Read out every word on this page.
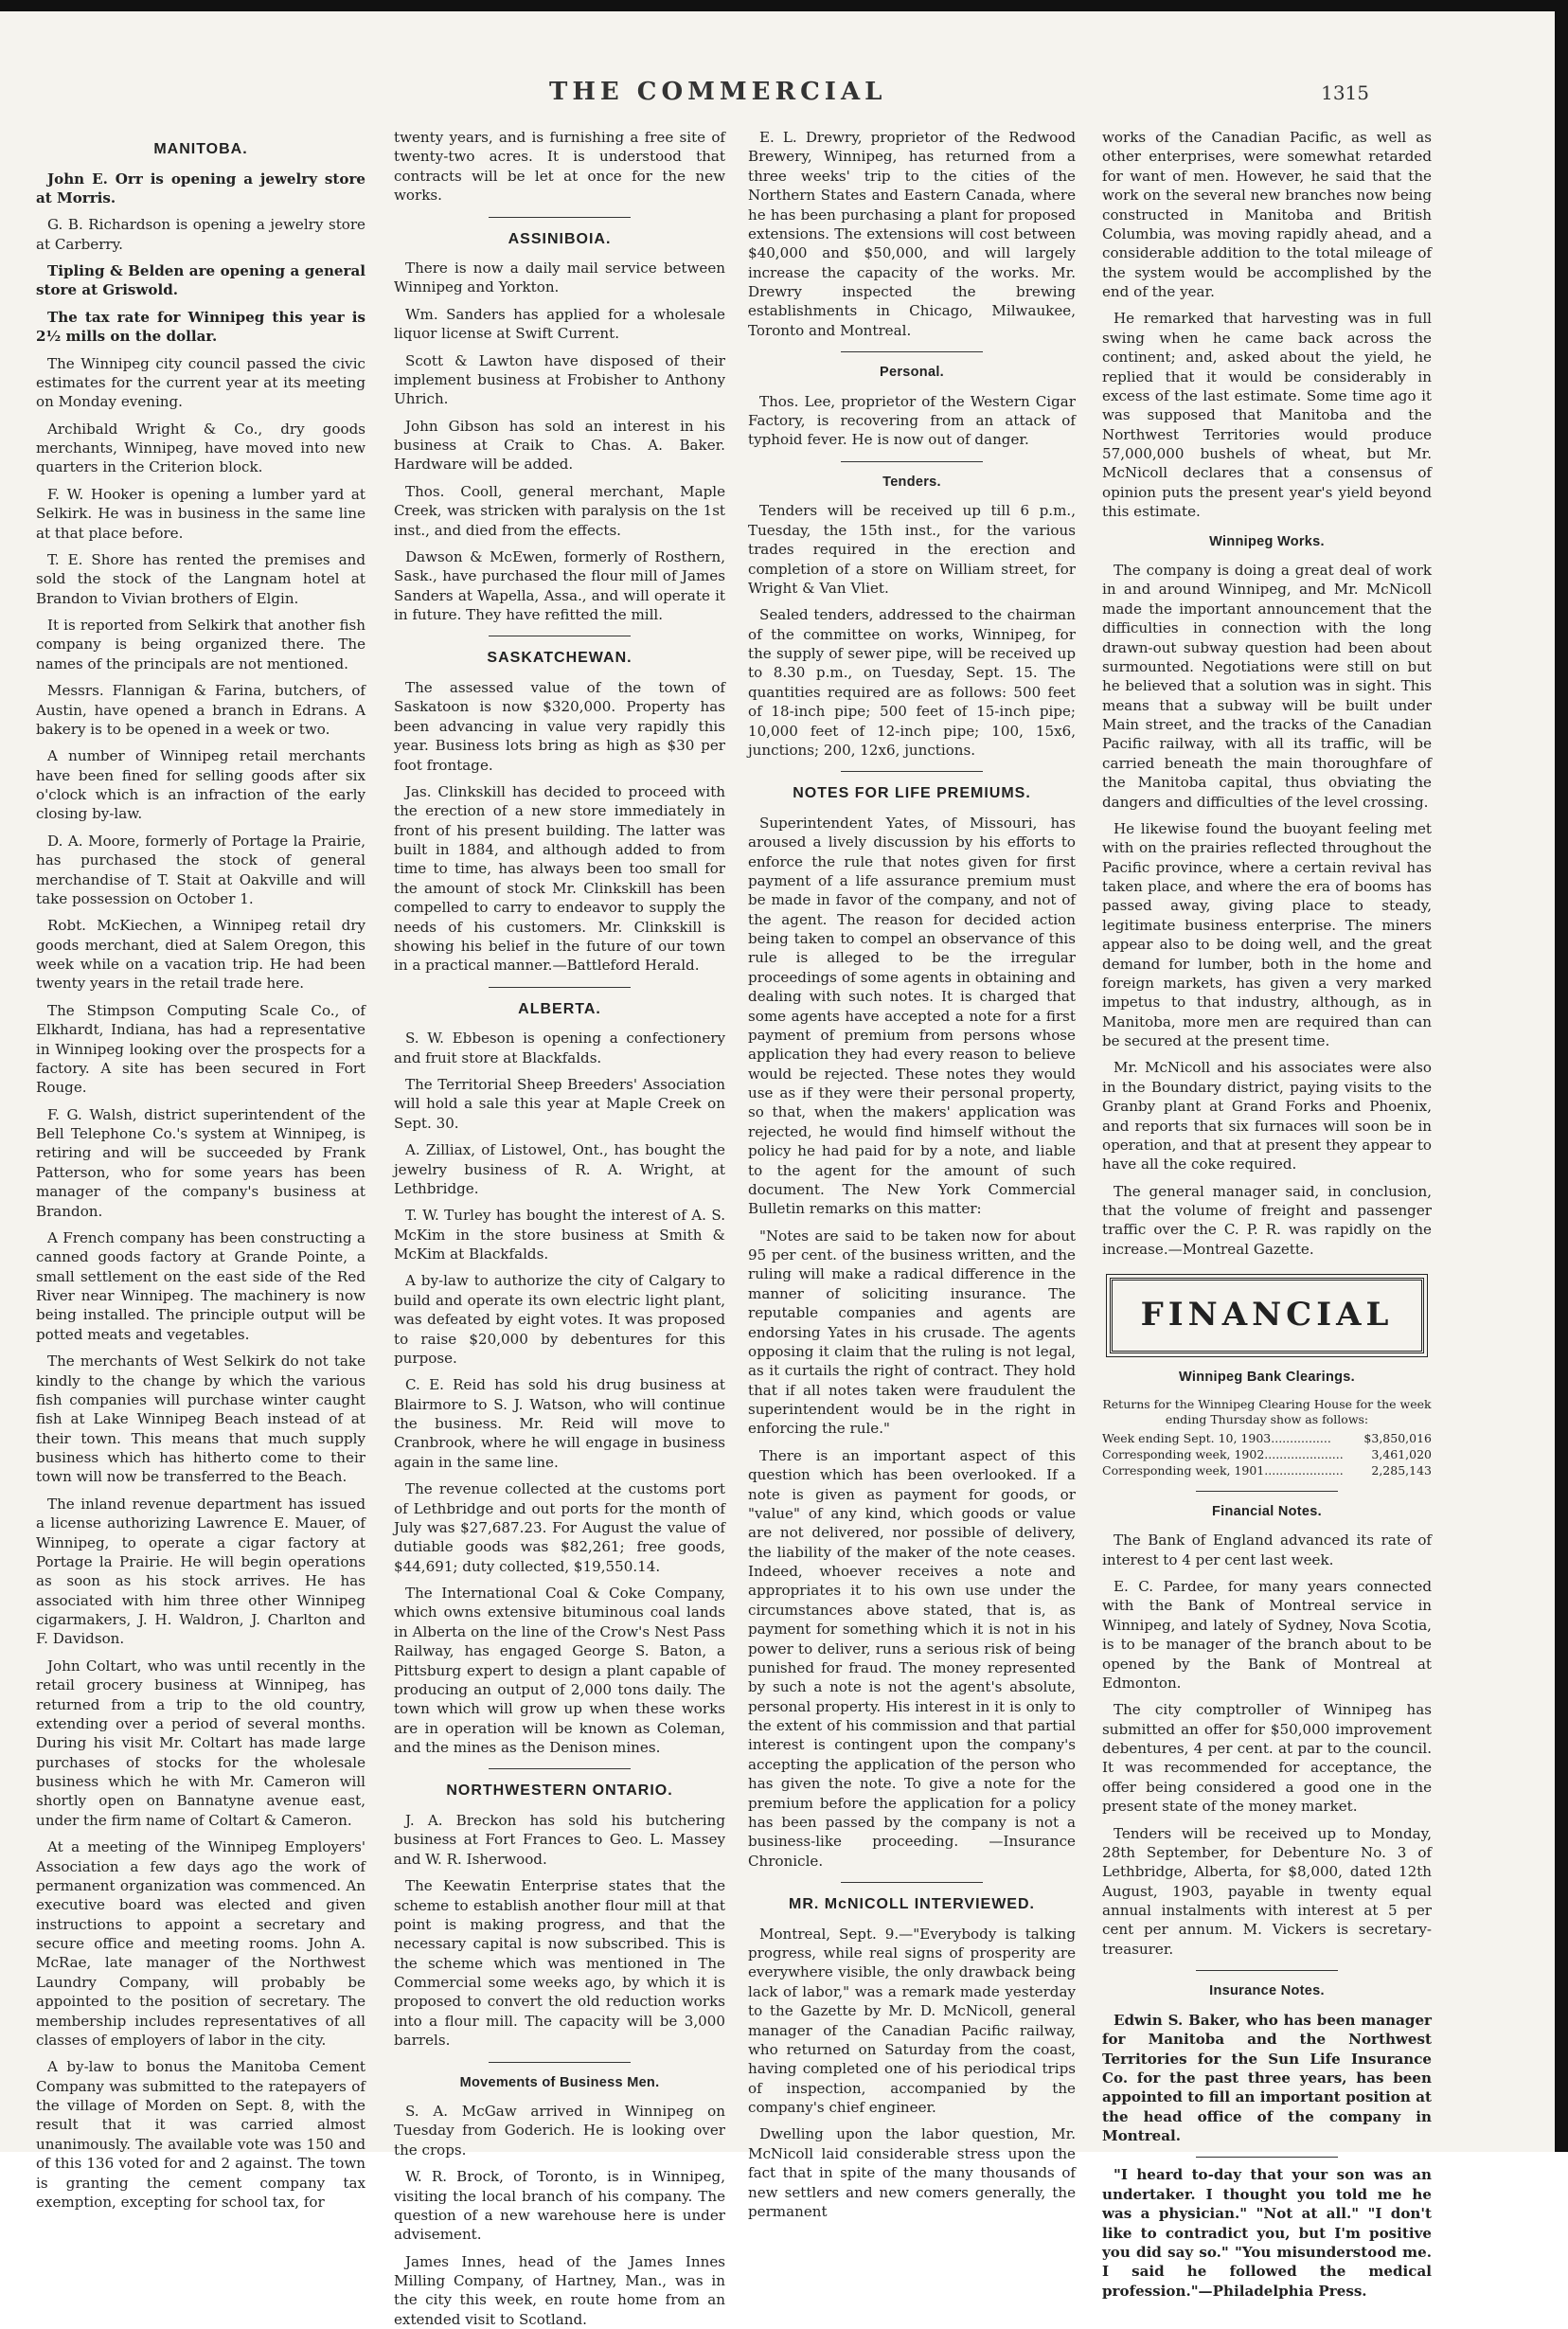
THE COMMERCIAL	1315
MANITOBA.

John E. Orr is opening a jewelry store at Morris.

G. B. Richardson is opening a jewelry store at Carberry.

Tipling & Belden are opening a general store at Griswold.

The tax rate for Winnipeg this year is 2½ mills on the dollar.

The Winnipeg city council passed the civic estimates for the current year at its meeting on Monday evening.

Archibald Wright & Co., dry goods merchants, Winnipeg, have moved into new quarters in the Criterion block.

F. W. Hooker is opening a lumber yard at Selkirk. He was in business in the same line at that place before.

T. E. Shore has rented the premises and sold the stock of the Langnam hotel at Brandon to Vivian brothers of Elgin.

It is reported from Selkirk that another fish company is being organized there. The names of the principals are not mentioned.

Messrs. Flannigan & Farina, butchers, of Austin, have opened a branch in Edrans. A bakery is to be opened in a week or two.

A number of Winnipeg retail merchants have been fined for selling goods after six o'clock which is an infraction of the early closing by-law.

D. A. Moore, formerly of Portage la Prairie, has purchased the stock of general merchandise of T. Stait at Oakville and will take possession on October 1.

Robt. McKiechen, a Winnipeg retail dry goods merchant, died at Salem Oregon, this week while on a vacation trip. He had been twenty years in the retail trade here.

The Stimpson Computing Scale Co., of Elkhardt, Indiana, has had a representative in Winnipeg looking over the prospects for a factory. A site has been secured in Fort Rouge.

F. G. Walsh, district superintendent of the Bell Telephone Co.'s system at Winnipeg, is retiring and will be succeeded by Frank Patterson, who for some years has been manager of the company's business at Brandon.

A French company has been constructing a canned goods factory at Grande Pointe, a small settlement on the east side of the Red River near Winnipeg. The machinery is now being installed. The principle output will be potted meats and vegetables.

The merchants of West Selkirk do not take kindly to the change by which the various fish companies will purchase winter caught fish at Lake Winnipeg Beach instead of at their town. This means that much supply business which has hitherto come to their town will now be transferred to the Beach.

The inland revenue department has issued a license authorizing Lawrence E. Mauer, of Winnipeg, to operate a cigar factory at Portage la Prairie. He will begin operations as soon as his stock arrives. He has associated with him three other Winnipeg cigarmakers, J. H. Waldron, J. Charlton and F. Davidson.

John Coltart, who was until recently in the retail grocery business at Winnipeg, has returned from a trip to the old country, extending over a period of several months. During his visit Mr. Coltart has made large purchases of stocks for the wholesale business which he with Mr. Cameron will shortly open on Bannatyne avenue east, under the firm name of Coltart & Cameron.

At a meeting of the Winnipeg Employers' Association a few days ago the work of permanent organization was commenced. An executive board was elected and given instructions to appoint a secretary and secure office and meeting rooms. John A. McRae, late manager of the Northwest Laundry Company, will probably be appointed to the position of secretary. The membership includes representatives of all classes of employers of labor in the city.

A by-law to bonus the Manitoba Cement Company was submitted to the ratepayers of the village of Morden on Sept. 8, with the result that it was carried almost unanimously. The available vote was 150 and of this 136 voted for and 2 against. The town is granting the cement company tax exemption, excepting for school tax, for

twenty years, and is furnishing a free site of twenty-two acres. It is understood that contracts will be let at once for the new works.

ASSINIBOIA.

There is now a daily mail service between Winnipeg and Yorkton.

Wm. Sanders has applied for a wholesale liquor license at Swift Current.

Scott & Lawton have disposed of their implement business at Frobisher to Anthony Uhrich.

John Gibson has sold an interest in his business at Craik to Chas. A. Baker. Hardware will be added.

Thos. Cooll, general merchant, Maple Creek, was stricken with paralysis on the 1st inst., and died from the effects.

Dawson & McEwen, formerly of Rosthern, Sask., have purchased the flour mill of James Sanders at Wapella, Assa., and will operate it in future. They have refitted the mill.

SASKATCHEWAN.

The assessed value of the town of Saskatoon is now $320,000. Property has been advancing in value very rapidly this year. Business lots bring as high as $30 per foot frontage.

Jas. Clinkskill has decided to proceed with the erection of a new store immediately in front of his present building. The latter was built in 1884, and although added to from time to time, has always been too small for the amount of stock Mr. Clinkskill has been compelled to carry to endeavor to supply the needs of his customers. Mr. Clinkskill is showing his belief in the future of our town in a practical manner.—Battleford Herald.

ALBERTA.

S. W. Ebbeson is opening a confectionery and fruit store at Blackfalds.

The Territorial Sheep Breeders' Association will hold a sale this year at Maple Creek on Sept. 30.

A. Zilliax, of Listowel, Ont., has bought the jewelry business of R. A. Wright, at Lethbridge.

T. W. Turley has bought the interest of A. S. McKim in the store business at Smith & McKim at Blackfalds.

A by-law to authorize the city of Calgary to build and operate its own electric light plant, was defeated by eight votes. It was proposed to raise $20,000 by debentures for this purpose.

C. E. Reid has sold his drug business at Blairmore to S. J. Watson, who will continue the business. Mr. Reid will move to Cranbrook, where he will engage in business again in the same line.

The revenue collected at the customs port of Lethbridge and out ports for the month of July was $27,687.23. For August the value of dutiable goods was $82,261; free goods, $44,691; duty collected, $19,550.14.

The International Coal & Coke Company, which owns extensive bituminous coal lands in Alberta on the line of the Crow's Nest Pass Railway, has engaged George S. Baton, a Pittsburg expert to design a plant capable of producing an output of 2,000 tons daily. The town which will grow up when these works are in operation will be known as Coleman, and the mines as the Denison mines.

NORTHWESTERN ONTARIO.

J. A. Breckon has sold his butchering business at Fort Frances to Geo. L. Massey and W. R. Isherwood.

The Keewatin Enterprise states that the scheme to establish another flour mill at that point is making progress, and that the necessary capital is now subscribed. This is the scheme which was mentioned in The Commercial some weeks ago, by which it is proposed to convert the old reduction works into a flour mill. The capacity will be 3,000 barrels.

Movements of Business Men.

S. A. McGaw arrived in Winnipeg on Tuesday from Goderich. He is looking over the crops.

W. R. Brock, of Toronto, is in Winnipeg, visiting the local branch of his company. The question of a new warehouse here is under advisement.

James Innes, head of the James Innes Milling Company, of Hartney, Man., was in the city this week, en route home from an extended visit to Scotland.

E. L. Drewry, proprietor of the Redwood Brewery, Winnipeg, has returned from a three weeks' trip to the cities of the Northern States and Eastern Canada, where he has been purchasing a plant for proposed extensions. The extensions will cost between $40,000 and $50,000, and will largely increase the capacity of the works. Mr. Drewry inspected the brewing establishments in Chicago, Milwaukee, Toronto and Montreal.

Personal.

Thos. Lee, proprietor of the Western Cigar Factory, is recovering from an attack of typhoid fever. He is now out of danger.

Tenders.

Tenders will be received up till 6 p.m., Tuesday, the 15th inst., for the various trades required in the erection and completion of a store on William street, for Wright & Van Vliet.

Sealed tenders, addressed to the chairman of the committee on works, Winnipeg, for the supply of sewer pipe, will be received up to 8.30 p.m., on Tuesday, Sept. 15. The quantities required are as follows: 500 feet of 18-inch pipe; 500 feet of 15-inch pipe; 10,000 feet of 12-inch pipe; 100, 15x6, junctions; 200, 12x6, junctions.

NOTES FOR LIFE PREMIUMS.

Superintendent Yates, of Missouri, has aroused a lively discussion by his efforts to enforce the rule that notes given for first payment of a life assurance premium must be made in favor of the company, and not of the agent. The reason for decided action being taken to compel an observance of this rule is alleged to be the irregular proceedings of some agents in obtaining and dealing with such notes. It is charged that some agents have accepted a note for a first payment of premium from persons whose application they had every reason to believe would be rejected. These notes they would use as if they were their personal property, so that, when the makers' application was rejected, he would find himself without the policy he had paid for by a note, and liable to the agent for the amount of such document. The New York Commercial Bulletin remarks on this matter:

"Notes are said to be taken now for about 95 per cent. of the business written, and the ruling will make a radical difference in the manner of soliciting insurance. The reputable companies and agents are endorsing Yates in his crusade. The agents opposing it claim that the ruling is not legal, as it curtails the right of contract. They hold that if all notes taken were fraudulent the superintendent would be in the right in enforcing the rule."

There is an important aspect of this question which has been overlooked. If a note is given as payment for goods, or "value" of any kind, which goods or value are not delivered, nor possible of delivery, the liability of the maker of the note ceases. Indeed, whoever receives a note and appropriates it to his own use under the circumstances above stated, that is, as payment for something which it is not in his power to deliver, runs a serious risk of being punished for fraud. The money represented by such a note is not the agent's absolute, personal property. His interest in it is only to the extent of his commission and that partial interest is contingent upon the company's accepting the application of the person who has given the note. To give a note for the premium before the application for a policy has been passed by the company is not a business-like proceeding. —Insurance Chronicle.

MR. McNICOLL INTERVIEWED.

Montreal, Sept. 9.—"Everybody is talking progress, while real signs of prosperity are everywhere visible, the only drawback being lack of labor," was a remark made yesterday to the Gazette by Mr. D. McNicoll, general manager of the Canadian Pacific railway, who returned on Saturday from the coast, having completed one of his periodical trips of inspection, accompanied by the company's chief engineer.

Dwelling upon the labor question, Mr. McNicoll laid considerable stress upon the fact that in spite of the many thousands of new settlers and new comers generally, the permanent

works of the Canadian Pacific, as well as other enterprises, were somewhat retarded for want of men. However, he said that the work on the several new branches now being constructed in Manitoba and British Columbia, was moving rapidly ahead, and a considerable addition to the total mileage of the system would be accomplished by the end of the year.

He remarked that harvesting was in full swing when he came back across the continent; and, asked about the yield, he replied that it would be considerably in excess of the last estimate. Some time ago it was supposed that Manitoba and the Northwest Territories would produce 57,000,000 bushels of wheat, but Mr. McNicoll declares that a consensus of opinion puts the present year's yield beyond this estimate.

Winnipeg Works.

The company is doing a great deal of work in and around Winnipeg, and Mr. McNicoll made the important announcement that the difficulties in connection with the long drawn-out subway question had been about surmounted. Negotiations were still on but he believed that a solution was in sight. This means that a subway will be built under Main street, and the tracks of the Canadian Pacific railway, with all its traffic, will be carried beneath the main thoroughfare of the Manitoba capital, thus obviating the dangers and difficulties of the level crossing.

He likewise found the buoyant feeling met with on the prairies reflected throughout the Pacific province, where a certain revival has taken place, and where the era of booms has passed away, giving place to steady, legitimate business enterprise. The miners appear also to be doing well, and the great demand for lumber, both in the home and foreign markets, has given a very marked impetus to that industry, although, as in Manitoba, more men are required than can be secured at the present time.

Mr. McNicoll and his associates were also in the Boundary district, paying visits to the Granby plant at Grand Forks and Phoenix, and reports that six furnaces will soon be in operation, and that at present they appear to have all the coke required.

The general manager said, in conclusion, that the volume of freight and passenger traffic over the C. P. R. was rapidly on the increase.—Montreal Gazette.

FINANCIAL
Winnipeg Bank Clearings.
Returns for the Winnipeg Clearing House for the week ending Thursday show as follows:
Week ending Sept. 10, 1903................	$3,850,016
Corresponding week, 1902.....................	3,461,020
Corresponding week, 1901.....................	2,285,143
Financial Notes.

The Bank of England advanced its rate of interest to 4 per cent last week.

E. C. Pardee, for many years connected with the Bank of Montreal service in Winnipeg, and lately of Sydney, Nova Scotia, is to be manager of the branch about to be opened by the Bank of Montreal at Edmonton.

The city comptroller of Winnipeg has submitted an offer for $50,000 improvement debentures, 4 per cent. at par to the council. It was recommended for acceptance, the offer being considered a good one in the present state of the money market.

Tenders will be received up to Monday, 28th September, for Debenture No. 3 of Lethbridge, Alberta, for $8,000, dated 12th August, 1903, payable in twenty equal annual instalments with interest at 5 per cent per annum. M. Vickers is secretary-treasurer.

Insurance Notes.

Edwin S. Baker, who has been manager for Manitoba and the Northwest Territories for the Sun Life Insurance Co. for the past three years, has been appointed to fill an important position at the head office of the company in Montreal.

"I heard to-day that your son was an undertaker. I thought you told me he was a physician." "Not at all." "I don't like to contradict you, but I'm positive you did say so." "You misunderstood me. I said he followed the medical profession."—Philadelphia Press.
